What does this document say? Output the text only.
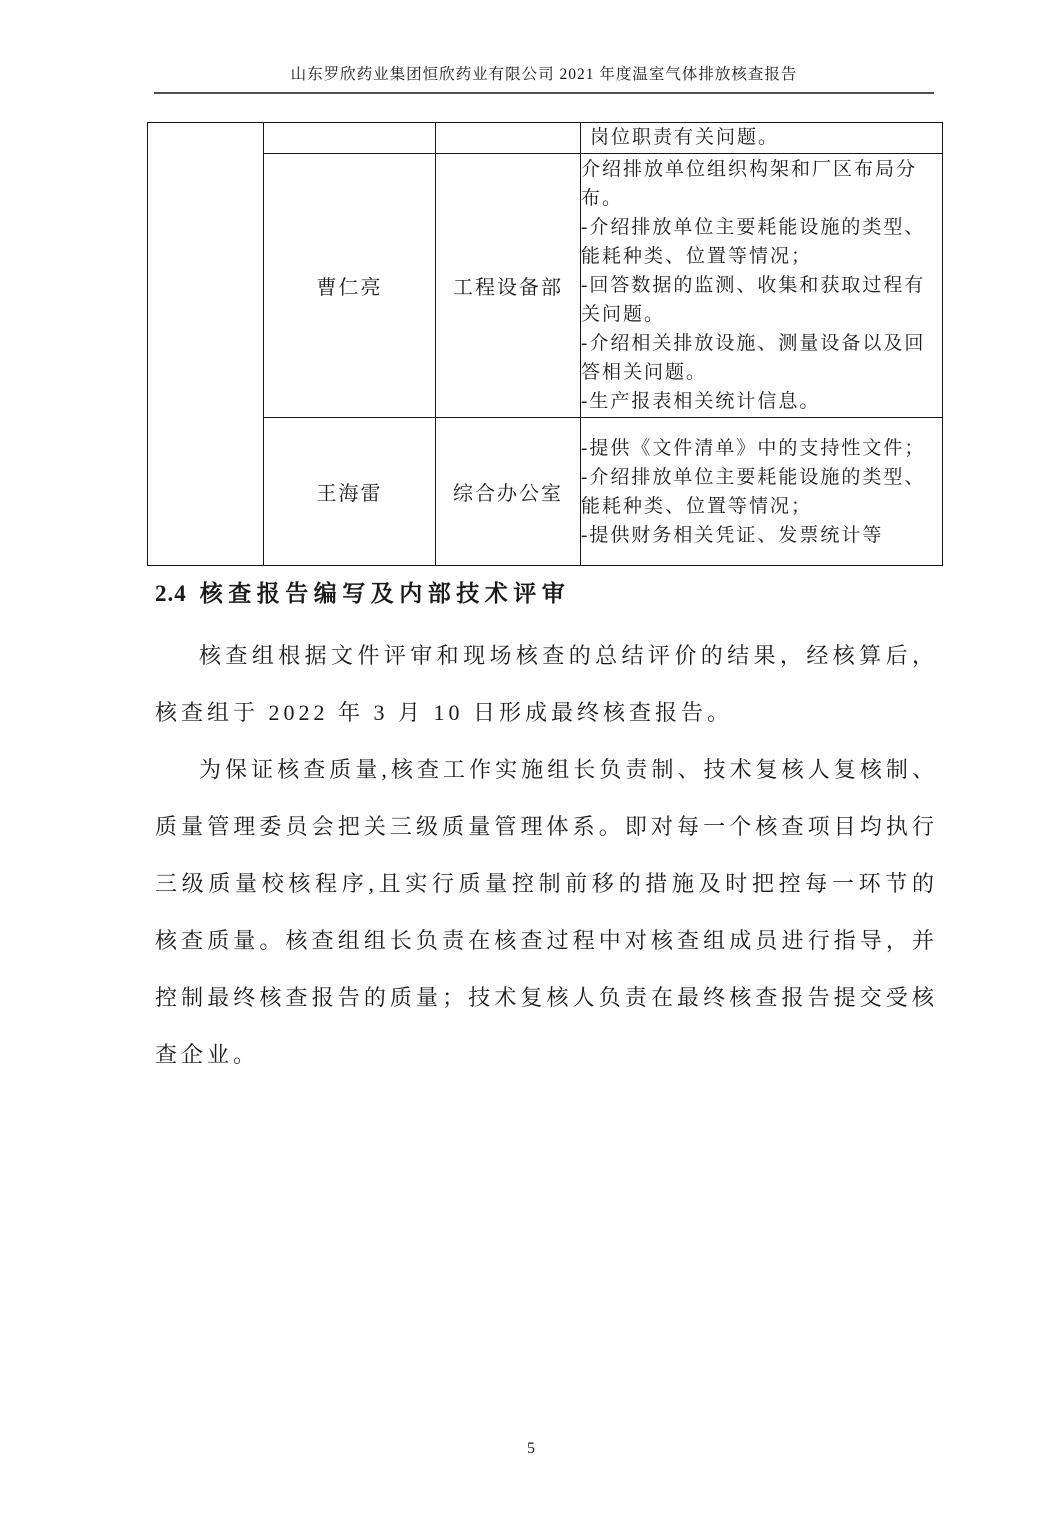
山东罗欣药业集团恒欣药业有限公司 2021 年度温室气体排放核查报告

			岗位职责有关问题。

	曹仁亮	工程设备部	介绍排放单位组织构架和厂区布局分布。
-介绍排放单位主要耗能设施的类型、能耗种类、位置等情况；
-回答数据的监测、收集和获取过程有关问题。
-介绍相关排放设施、测量设备以及回答相关问题。
-生产报表相关统计信息。

	王海雷	综合办公室	-提供《文件清单》中的支持性文件；
-介绍排放单位主要耗能设施的类型、能耗种类、位置等情况；
-提供财务相关凭证、发票统计等
2.4 核查报告编写及内部技术评审

核查组根据文件评审和现场核查的总结评价的结果，经核算后，核查组于 2022 年 3 月 10 日形成最终核查报告。

为保证核查质量,核查工作实施组长负责制、技术复核人复核制、质量管理委员会把关三级质量管理体系。即对每一个核查项目均执行三级质量校核程序,且实行质量控制前移的措施及时把控每一环节的核查质量。核查组组长负责在核查过程中对核查组成员进行指导，并控制最终核查报告的质量；技术复核人负责在最终核查报告提交受核查企业。

5
